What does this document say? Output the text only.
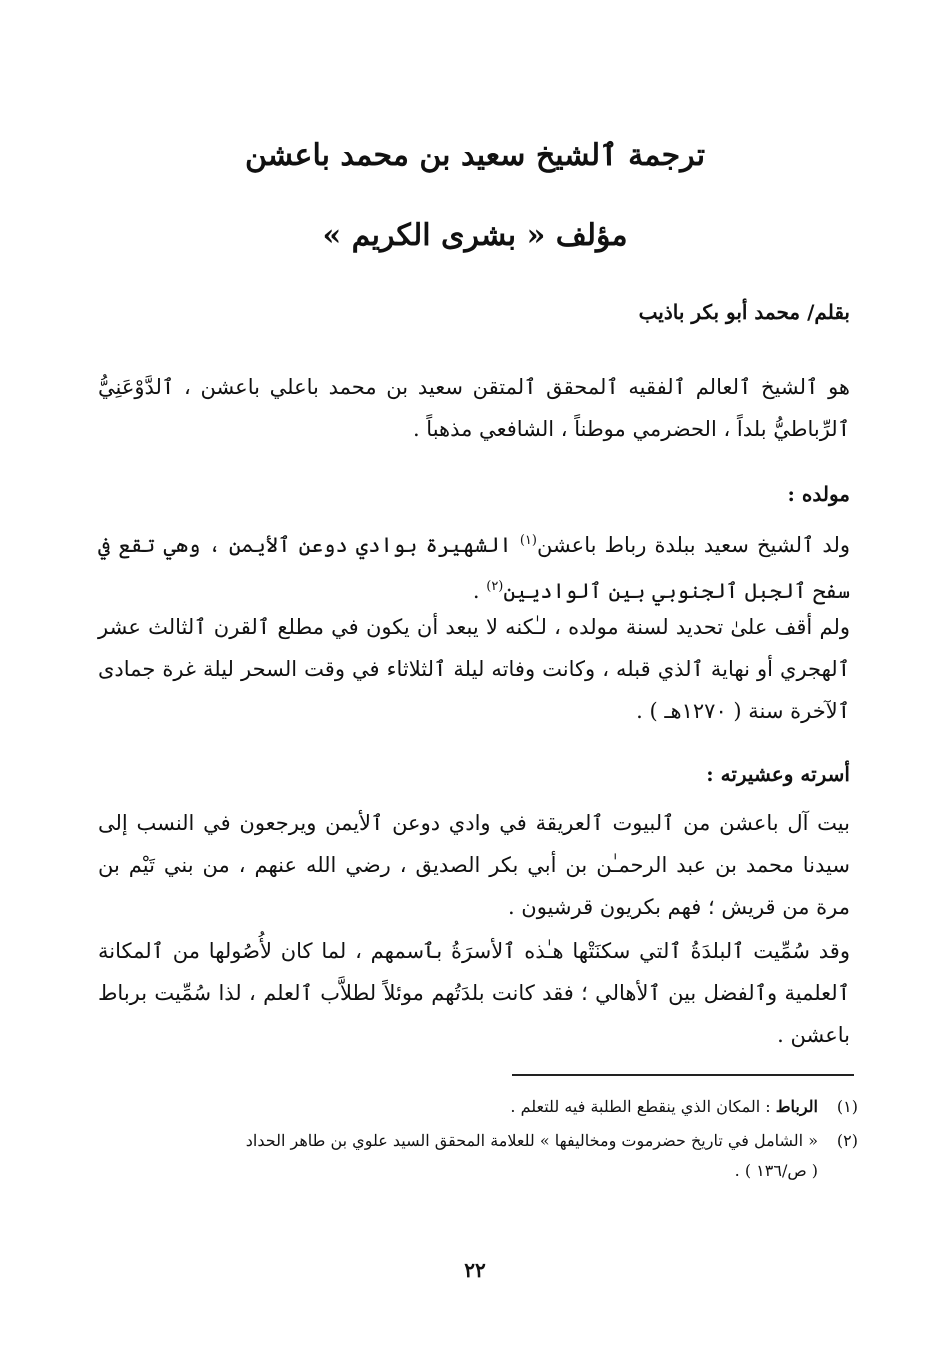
ترجمة ٱلشيخ سعيد بن محمد باعشن
مؤلف « بشرى الكريم »
بقلم/ محمد أبو بكر باذيب
هو ٱلشيخ ٱلعالم ٱلفقيه ٱلمحقق ٱلمتقن سعيد بن محمد باعلي باعشن ، ٱلدَّوْعَنِيُّ ٱلرِّباطيُّ بلداً ، الحضرمي موطناً ، الشافعي مذهباً .
مولده :
ولد ٱلشيخ سعيد ببلدة رباط باعشن$^{(١)}$ الشهيرة بوادي دوعن ٱلأيمن ، وهي تقع في سفح ٱلجبل ٱلجنوبي بين ٱلواديين$^{(٢)}$ .
ولم أقف علىٰ تحديد لسنة مولده ، لـٰكنه لا يبعد أن يكون في مطلع ٱلقرن ٱلثالث عشر ٱلهجري أو نهاية ٱلذي قبله ، وكانت وفاته ليلة ٱلثلاثاء في وقت السحر ليلة غرة جمادى ٱلآخرة سنة ( ١٢٧٠هـ ) .
أسرته وعشيرته :
بيت آل باعشن من ٱلبيوت ٱلعريقة في وادي دوعن ٱلأيمن ويرجعون في النسب إلى سيدنا محمد بن عبد الرحمـٰن بن أبي بكر الصديق ، رضي الله عنهم ، من بني تَيْم بن مرة من قريش ؛ فهم بكريون قرشيون .
وقد سُمِّيت ٱلبلدَةُ ٱلتي سكنَتْها هـٰذه ٱلأسرَةُ بٱسمهم ، لما كان لأُصُولها من ٱلمكانة ٱلعلمية وٱلفضل بين ٱلأهالي ؛ فقد كانت بلدَتُهم موئلاً لطلاَّب ٱلعلم ، لذا سُمِّيت برباط باعشن .
(١)الرباط : المكان الذي ينقطع الطلبة فيه للتعلم .
(٢)« الشامل في تاريخ حضرموت ومخاليفها » للعلامة المحقق السيد علوي بن طاهر الحداد
( ص/١٣٦ ) .
٢٢
